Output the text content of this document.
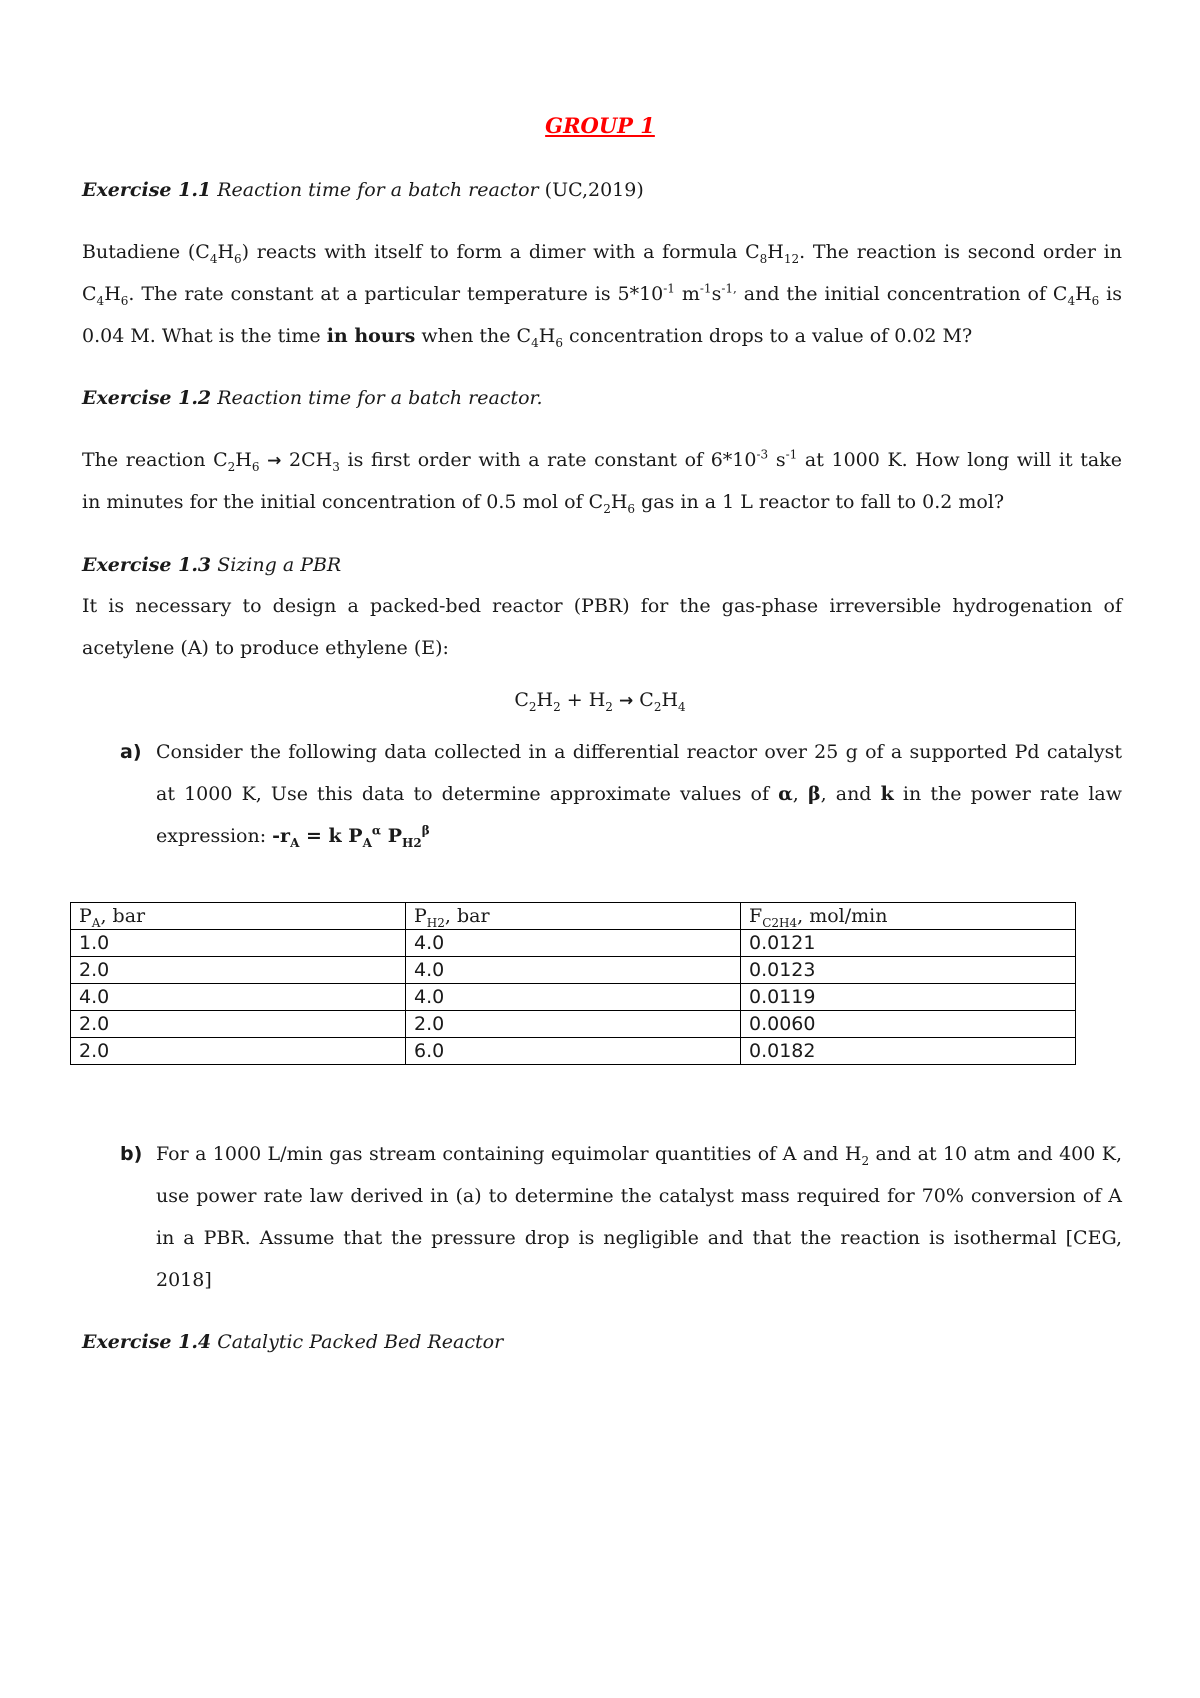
GROUP 1
Exercise 1.1 Reaction time for a batch reactor (UC,2019)
Butadiene $(C_4H_6)$ reacts with itself to form a dimer with a formula $C_8H_{12}$. The reaction is second order in
$C_4H_6$. The rate constant at a particular temperature is $5*10^{-1}$ $m^{-1}s^{-1,}$ and the initial concentration of $C_4H_6$ is
0.04 M. What is the time in hours when the $C_4H_6$ concentration drops to a value of 0.02 M?
Exercise 1.2 Reaction time for a batch reactor.
The reaction $C_2H_6 \to 2CH_3$ is first order with a rate constant of $6*10^{-3}$ $s^{-1}$ at 1000 K. How long will it take
in minutes for the initial concentration of 0.5 mol of $C_2H_6$ gas in a 1 L reactor to fall to 0.2 mol?
Exercise 1.3 Sizing a PBR
It is necessary to design a packed-bed reactor (PBR) for the gas-phase irreversible hydrogenation of
acetylene (A) to produce ethylene (E):
$C_2H_2 + H_2 \to C_2H_4$
a) Consider the following data collected in a differential reactor over 25 g of a supported Pd catalyst
at 1000 K, Use this data to determine approximate values of α, β, and k in the power rate law
expression: $-r_A = k$ $P_A^\alpha$ $P_{H2}^\beta$
$P_A$, bar	$P_{H2}$, bar	$F_{C2H4}$, mol/min
1.0	4.0	0.0121
2.0	4.0	0.0123
4.0	4.0	0.0119
2.0	2.0	0.0060
2.0	6.0	0.0182
b) For a 1000 L/min gas stream containing equimolar quantities of A and $H_2$ and at 10 atm and 400 K,
use power rate law derived in (a) to determine the catalyst mass required for 70% conversion of A
in a PBR. Assume that the pressure drop is negligible and that the reaction is isothermal [CEG,
2018]
Exercise 1.4 Catalytic Packed Bed Reactor
